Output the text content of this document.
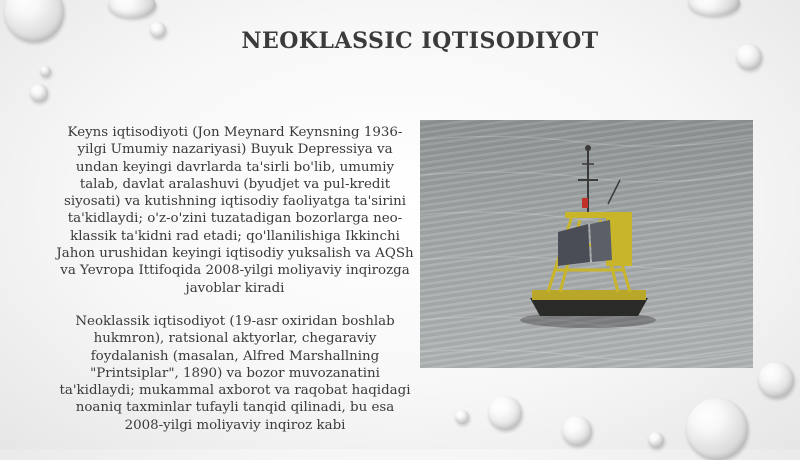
NEOKLASSIC IQTISODIYOT

Keyns iqtisodiyoti (Jon Meynard Keynsning 1936-yilgi Umumiy nazariyasi) Buyuk Depressiya va undan keyingi davrlarda ta'sirli bo'lib, umumiy talab, davlat aralashuvi (byudjet va pul-kredit siyosati) va kutishning iqtisodiy faoliyatga ta'sirini ta'kidlaydi; o'z-o'zini tuzatadigan bozorlarga neo-klassik ta'kidni rad etadi; qo'llanilishiga Ikkinchi Jahon urushidan keyingi iqtisodiy yuksalish va AQSh va Yevropa Ittifoqida 2008-yilgi moliyaviy inqirozga javoblar kiradi

Neoklassik iqtisodiyot (19-asr oxiridan boshlab hukmron), ratsional aktyorlar, chegaraviy foydalanish (masalan, Alfred Marshallning "Printsiplar", 1890) va bozor muvozanatini ta'kidlaydi; mukammal axborot va raqobat haqidagi noaniq taxminlar tufayli tanqid qilinadi, bu esa 2008-yilgi moliyaviy inqiroz kabi
